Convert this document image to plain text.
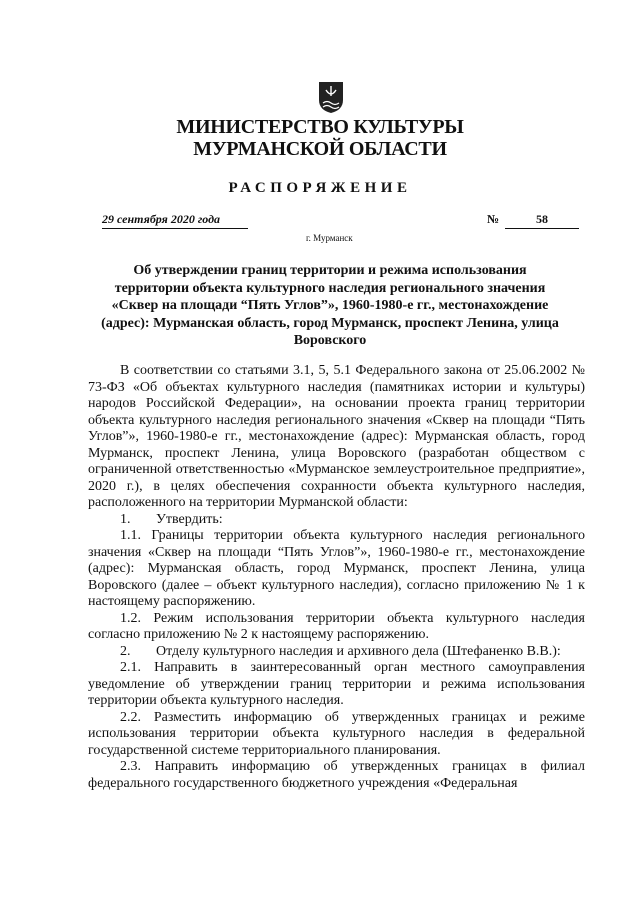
МИНИСТЕРСТВО КУЛЬТУРЫ
МУРМАНСКОЙ ОБЛАСТИ
РАСПОРЯЖЕНИЕ
29 сентября 2020 года	№	58
г. Мурманск
Об утверждении границ территории и режима использования территории объекта культурного наследия регионального значения «Сквер на площади “Пять Углов”», 1960-1980-е гг., местонахождение (адрес): Мурманская область, город Мурманск, проспект Ленина, улица Воровского

В соответствии со статьями 3.1, 5, 5.1 Федерального закона от 25.06.2002 № 73-ФЗ «Об объектах культурного наследия (памятниках истории и культуры) народов Российской Федерации», на основании проекта границ территории объекта культурного наследия регионального значения «Сквер на площади “Пять Углов”», 1960-1980-е гг., местонахождение (адрес): Мурманская область, город Мурманск, проспект Ленина, улица Воровского (разработан обществом с ограниченной ответственностью «Мурманское землеустроительное предприятие», 2020 г.), в целях обеспечения сохранности объекта культурного наследия, расположенного на территории Мурманской области:

1. Утвердить:

1.1. Границы территории объекта культурного наследия регионального значения «Сквер на площади “Пять Углов”», 1960-1980-е гг., местонахождение (адрес): Мурманская область, город Мурманск, проспект Ленина, улица Воровского (далее – объект культурного наследия), согласно приложению № 1 к настоящему распоряжению.

1.2. Режим использования территории объекта культурного наследия согласно приложению № 2 к настоящему распоряжению.

2. Отделу культурного наследия и архивного дела (Штефаненко В.В.):

2.1. Направить в заинтересованный орган местного самоуправления уведомление об утверждении границ территории и режима использования территории объекта культурного наследия.

2.2. Разместить информацию об утвержденных границах и режиме использования территории объекта культурного наследия в федеральной государственной системе территориального планирования.

2.3. Направить информацию об утвержденных границах в филиал федерального государственного бюджетного учреждения «Федеральная
